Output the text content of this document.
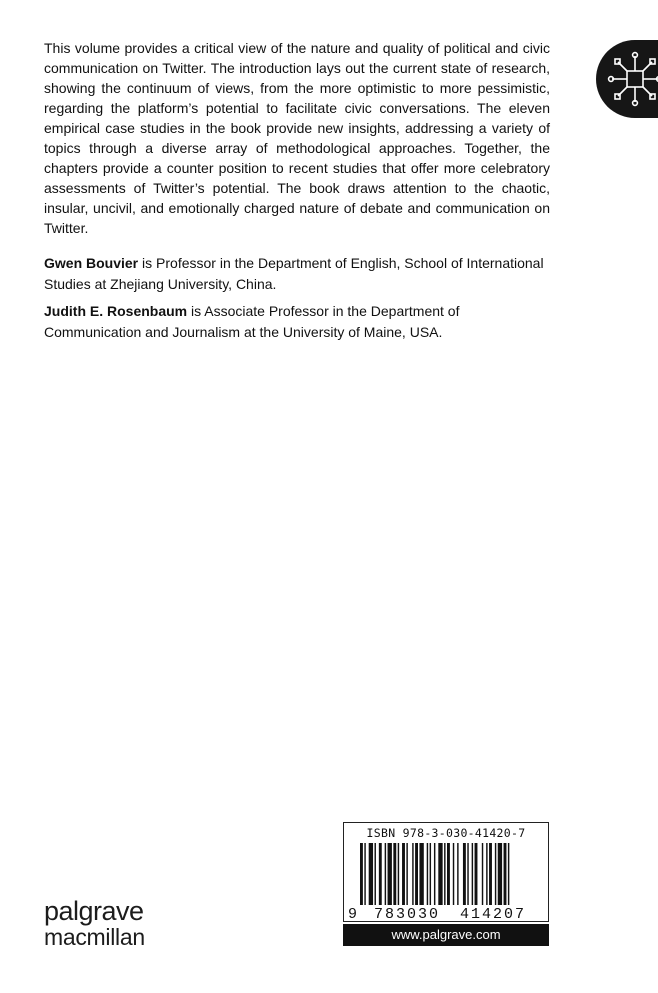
This volume provides a critical view of the nature and quality of political and civic communication on Twitter. The introduction lays out the current state of research, showing the continuum of views, from the more optimistic to more pessimistic, regarding the platform’s potential to facilitate civic conversations. The eleven empirical case studies in the book provide new insights, addressing a variety of topics through a diverse array of methodological approaches. Together, the chapters provide a counter position to recent studies that offer more celebratory assessments of Twitter’s potential. The book draws attention to the chaotic, insular, uncivil, and emotionally charged nature of debate and communication on Twitter.

Gwen Bouvier is Professor in the Department of English, School of International Studies at Zhejiang University, China.

Judith E. Rosenbaum is Associate Professor in the Department of Communication and Journalism at the University of Maine, USA.

ISBN 978-3-030-41420-7
9 783030 414207
www.palgrave.com
palgrave
macmillan
